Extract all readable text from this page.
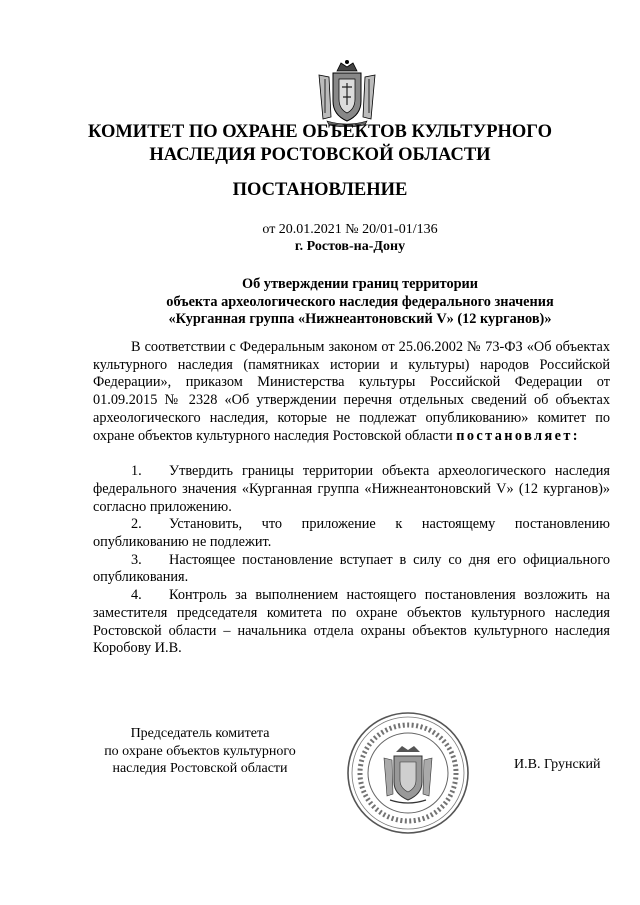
КОМИТЕТ ПО ОХРАНЕ ОБЪЕКТОВ КУЛЬТУРНОГО
НАСЛЕДИЯ РОСТОВСКОЙ ОБЛАСТИ
ПОСТАНОВЛЕНИЕ
от 20.01.2021 № 20/01-01/136
г. Ростов-на-Дону
Об утверждении границ территории
объекта археологического наследия федерального значения
«Курганная группа «Нижнеантоновский V» (12 курганов)»

В соответствии с Федеральным законом от 25.06.2002 № 73-ФЗ «Об объектах культурного наследия (памятниках истории и культуры) народов Российской Федерации», приказом Министерства культуры Российской Федерации от 01.09.2015 № 2328 «Об утверждении перечня отдельных сведений об объектах археологического наследия, которые не подлежат опубликованию» комитет по охране объектов культурного наследия Ростовской области постановляет:

1. Утвердить границы территории объекта археологического наследия федерального значения «Курганная группа «Нижнеантоновский V» (12 курганов)» согласно приложению.

2. Установить, что приложение к настоящему постановлению опубликованию не подлежит.

3. Настоящее постановление вступает в силу со дня его официального опубликования.

4. Контроль за выполнением настоящего постановления возложить на заместителя председателя комитета по охране объектов культурного наследия Ростовской области – начальника отдела охраны объектов культурного наследия Коробову И.В.

Председатель комитета
по охране объектов культурного
наследия Ростовской области	И.В. Грунский
